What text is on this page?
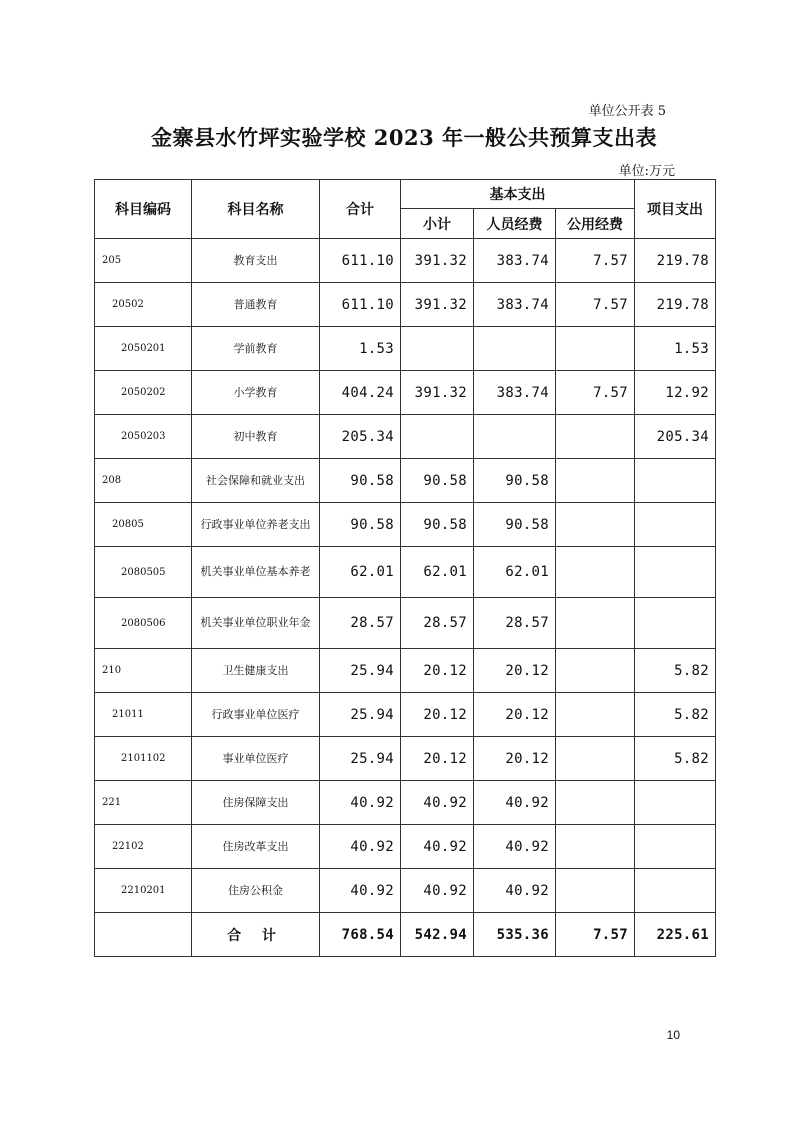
单位公开表 5
金寨县水竹坪实验学校 2023 年一般公共预算支出表
单位:万元
科目编码	科目名称	合计	基本支出			项目支出
			小计	人员经费	公用经费	
205	教育支出	611.10	391.32	383.74	7.57	219.78
20502	普通教育	611.10	391.32	383.74	7.57	219.78
2050201	学前教育	1.53				1.53
2050202	小学教育	404.24	391.32	383.74	7.57	12.92
2050203	初中教育	205.34				205.34
208	社会保障和就业支出	90.58	90.58	90.58		
20805	行政事业单位养老支出	90.58	90.58	90.58		
2080505	机关事业单位基本养老	62.01	62.01	62.01		
2080506	机关事业单位职业年金	28.57	28.57	28.57		
210	卫生健康支出	25.94	20.12	20.12		5.82
21011	行政事业单位医疗	25.94	20.12	20.12		5.82
2101102	事业单位医疗	25.94	20.12	20.12		5.82
221	住房保障支出	40.92	40.92	40.92		
22102	住房改革支出	40.92	40.92	40.92		
2210201	住房公积金	40.92	40.92	40.92		
	合 计	768.54	542.94	535.36	7.57	225.61
10
